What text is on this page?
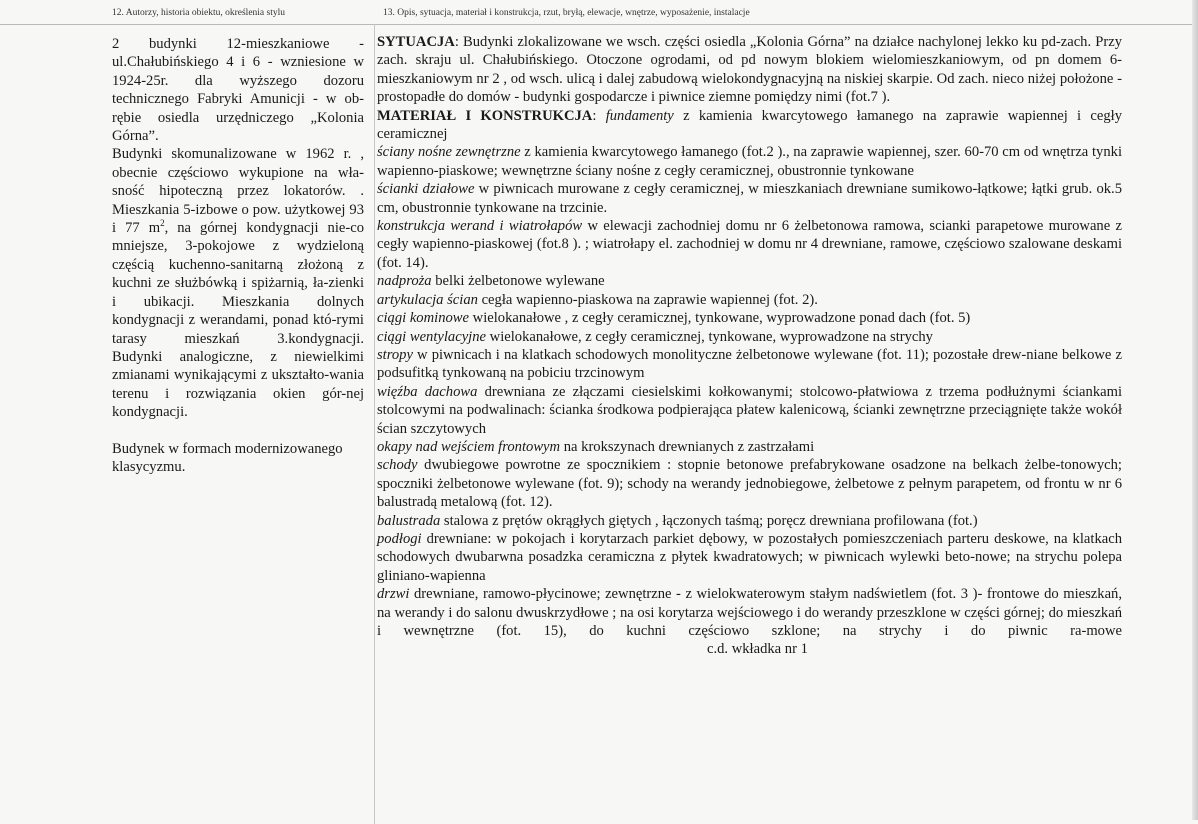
12. Autorzy, historia obiektu, określenia stylu	13. Opis, sytuacja, materiał i konstrukcja, rzut, bryłą, elewacje, wnętrze, wyposażenie, instalacje

2 budynki 12-mieszkaniowe - ul.Chałubińskiego 4 i 6 - wzniesione w 1924-25r. dla wyższego dozoru technicznego Fabryki Amunicji - w ob-rębie osiedla urzędniczego „Kolonia Górna”.

Budynki skomunalizowane w 1962 r. , obecnie częściowo wykupione na wła-sność hipoteczną przez lokatorów. .

Mieszkania 5-izbowe o pow. użytkowej 93 i 77 $m^2$, na górnej kondygnacji nie-co mniejsze, 3-pokojowe z wydzieloną częścią kuchenno-sanitarną złożoną z kuchni ze służbówką i spiżarnią, ła-zienki i ubikacji. Mieszkania dolnych kondygnacji z werandami, ponad któ-rymi tarasy mieszkań 3.kondygnacji.

Budynki analogiczne, z niewielkimi zmianami wynikającymi z ukształto-wania terenu i rozwiązania okien gór-nej kondygnacji.

Budynek w formach modernizowanego klasycyzmu.

SYTUACJA: Budynki zlokalizowane we wsch. części osiedla „Kolonia Górna” na działce nachylonej lekko ku pd-zach. Przy zach. skraju ul. Chałubińskiego. Otoczone ogrodami, od pd nowym blokiem wielomieszkaniowym, od pn domem 6-mieszkaniowym nr 2 , od wsch. ulicą i dalej zabudową wielokondygnacyjną na niskiej skarpie. Od zach. nieco niżej położone - prostopadłe do domów - budynki gospodarcze i piwnice ziemne pomiędzy nimi (fot.7 ).

MATERIAŁ I KONSTRUKCJA: fundamenty z kamienia kwarcytowego łamanego na zaprawie wapiennej i cegły ceramicznej

ściany nośne zewnętrzne z kamienia kwarcytowego łamanego (fot.2 )., na zaprawie wapiennej, szer. 60-70 cm od wnętrza tynki wapienno-piaskowe; wewnętrzne ściany nośne z cegły ceramicznej, obustronnie tynkowane

ścianki działowe w piwnicach murowane z cegły ceramicznej, w mieszkaniach drewniane sumikowo-łątkowe; łątki grub. ok.5 cm, obustronnie tynkowane na trzcinie.

konstrukcja werand i wiatrołapów w elewacji zachodniej domu nr 6 żelbetonowa ramowa, scianki parapetowe murowane z cegły wapienno-piaskowej (fot.8 ). ; wiatrołapy el. zachodniej w domu nr 4 drewniane, ramowe, częściowo szalowane deskami (fot. 14).

nadproża belki żelbetonowe wylewane

artykulacja ścian cegła wapienno-piaskowa na zaprawie wapiennej (fot. 2).

ciągi kominowe wielokanałowe , z cegły ceramicznej, tynkowane, wyprowadzone ponad dach (fot. 5)

ciągi wentylacyjne wielokanałowe, z cegły ceramicznej, tynkowane, wyprowadzone na strychy

stropy w piwnicach i na klatkach schodowych monolityczne żelbetonowe wylewane (fot. 11); pozostałe drew-niane belkowe z podsufitką tynkowaną na pobiciu trzcinowym

więźba dachowa drewniana ze złączami ciesielskimi kołkowanymi; stolcowo-płatwiowa z trzema podłużnymi ściankami stolcowymi na podwalinach: ścianka środkowa podpierająca płatew kalenicową, ścianki zewnętrzne przeciągnięte także wokół ścian szczytowych

okapy nad wejściem frontowym na krokszynach drewnianych z zastrzałami

schody dwubiegowe powrotne ze spocznikiem : stopnie betonowe prefabrykowane osadzone na belkach żelbe-tonowych; spoczniki żelbetonowe wylewane (fot. 9); schody na werandy jednobiegowe, żelbetowe z pełnym parapetem, od frontu w nr 6 balustradą metalową (fot. 12).

balustrada stalowa z prętów okrągłych giętych , łączonych taśmą; poręcz drewniana profilowana (fot.)

podłogi drewniane: w pokojach i korytarzach parkiet dębowy, w pozostałych pomieszczeniach parteru deskowe, na klatkach schodowych dwubarwna posadzka ceramiczna z płytek kwadratowych; w piwnicach wylewki beto-nowe; na strychu polepa gliniano-wapienna

drzwi drewniane, ramowo-płycinowe; zewnętrzne - z wielokwaterowym stałym nadświetlem (fot. 3 )- frontowe do mieszkań, na werandy i do salonu dwuskrzydłowe ; na osi korytarza wejściowego i do werandy przeszklone w części górnej; do mieszkań i wewnętrzne (fot. 15), do kuchni częściowo szklone; na strychy i do piwnic ra-mowec.d. wkładka nr 1
